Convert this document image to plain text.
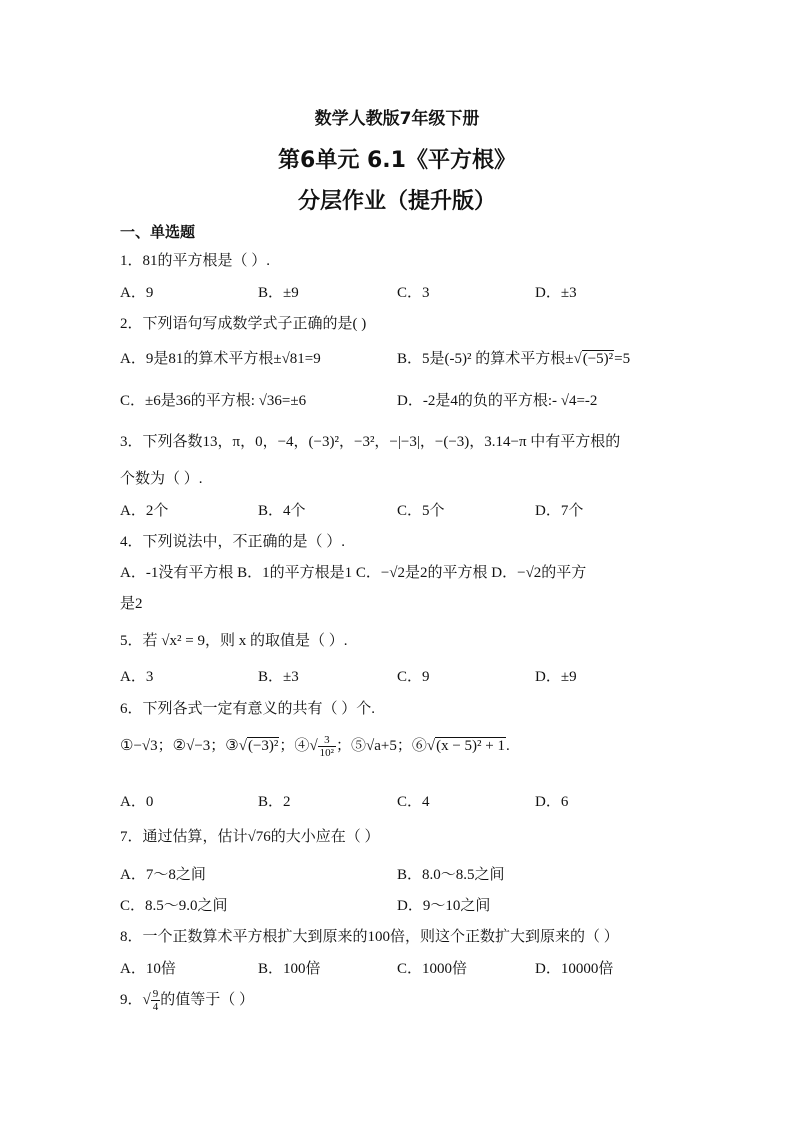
数学人教版7年级下册
第6单元 6.1《平方根》
分层作业（提升版）
一、单选题
1．81的平方根是（ ）.
A．9	B．±9	C．3	D．±3
2．下列语句写成数学式子正确的是( )
A．9是81的算术平方根±√81=9	B．5是(-5)² 的算术平方根±√(−5)²=5
C．±6是36的平方根: √36=±6	D．-2是4的负的平方根:- √4=-2
3．下列各数13，π，0，−4，(−3)²，−3²，−|−3|，−(−3)，3.14−π 中有平方根的
个数为（ ）.
A．2个	B．4个	C．5个	D．7个
4．下列说法中，不正确的是（ ）.
A．-1没有平方根 B．1的平方根是1 C．−√2是2的平方根 D．−√2的平方
是2
5．若 √x² = 9，则 x 的取值是（ ）.
A．3	B．±3	C．9	D．±9
6．下列各式一定有意义的共有（ ）个.
①−√3；②√−3；③√(−3)²；④√ $\frac{3}{\text{10²}}$ ；⑤√a+5；⑥√(x − 5)² + 1.
A．0	B．2	C．4	D．6
7．通过估算，估计√76的大小应在（ ）
A．7～8之间	B．8.0～8.5之间
C．8.5～9.0之间	D．9～10之间
8．一个正数算术平方根扩大到原来的100倍，则这个正数扩大到原来的（ ）
A．10倍	B．100倍	C．1000倍	D．10000倍
9．√ $\frac{9}{4}$ 的值等于（ ）
